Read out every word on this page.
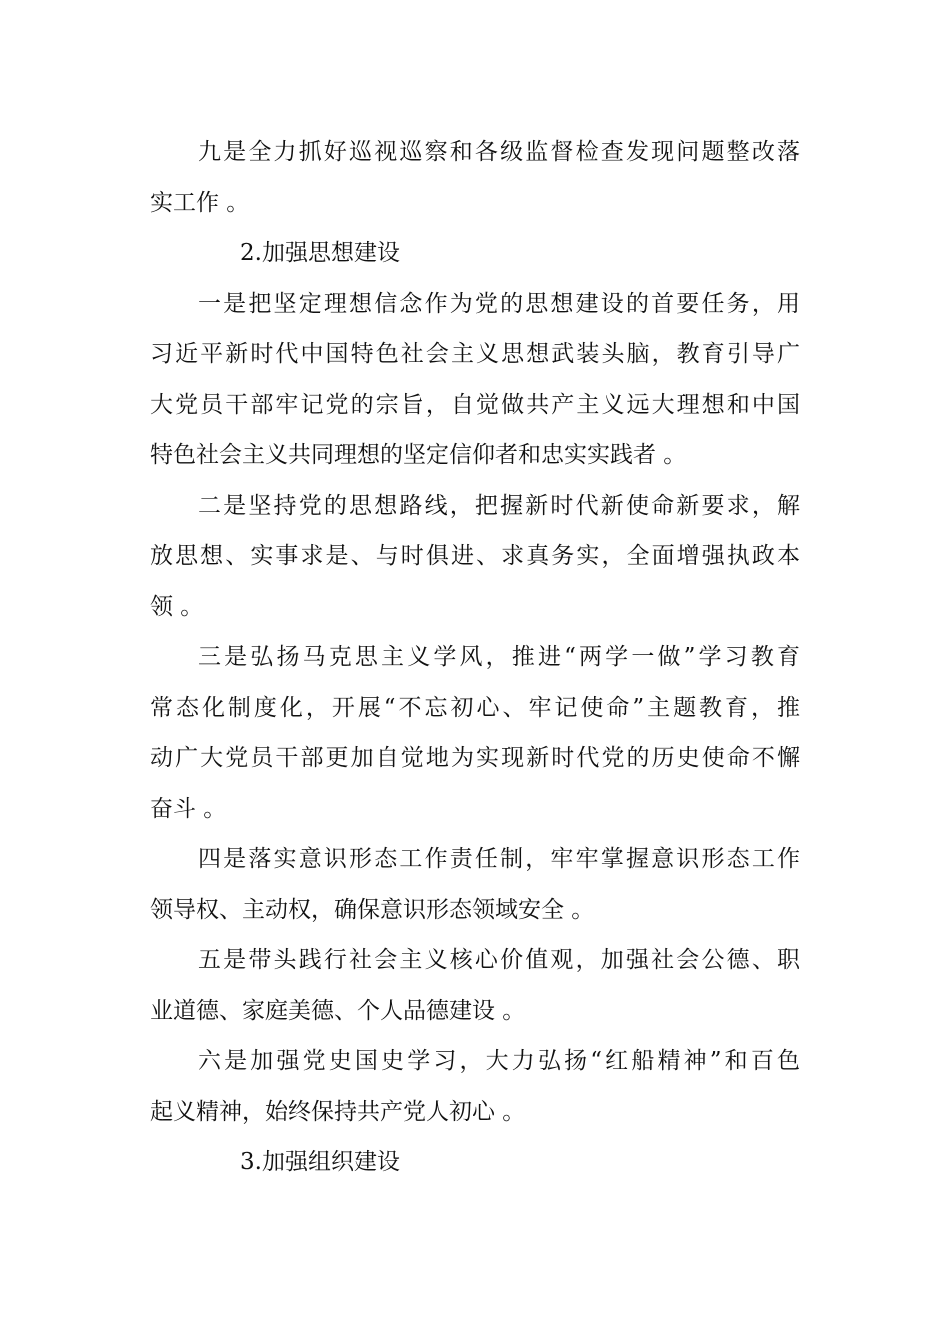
九是全力抓好巡视巡察和各级监督检查发现问题整改落
实工作 。
2.加强思想建设
一是把坚定理想信念作为党的思想建设的首要任务，用
习近平新时代中国特色社会主义思想武装头脑，教育引导广
大党员干部牢记党的宗旨，自觉做共产主义远大理想和中国
特色社会主义共同理想的坚定信仰者和忠实实践者 。
二是坚持党的思想路线，把握新时代新使命新要求，解
放思想、实事求是、与时俱进、求真务实，全面增强执政本
领 。
三是弘扬马克思主义学风，推进“两学一做”学习教育
常态化制度化，开展“不忘初心、牢记使命”主题教育，推
动广大党员干部更加自觉地为实现新时代党的历史使命不懈
奋斗 。
四是落实意识形态工作责任制，牢牢掌握意识形态工作
领导权、主动权，确保意识形态领域安全 。
五是带头践行社会主义核心价值观，加强社会公德、职
业道德、家庭美德、个人品德建设 。
六是加强党史国史学习，大力弘扬“红船精神”和百色
起义精神，始终保持共产党人初心 。
3.加强组织建设
